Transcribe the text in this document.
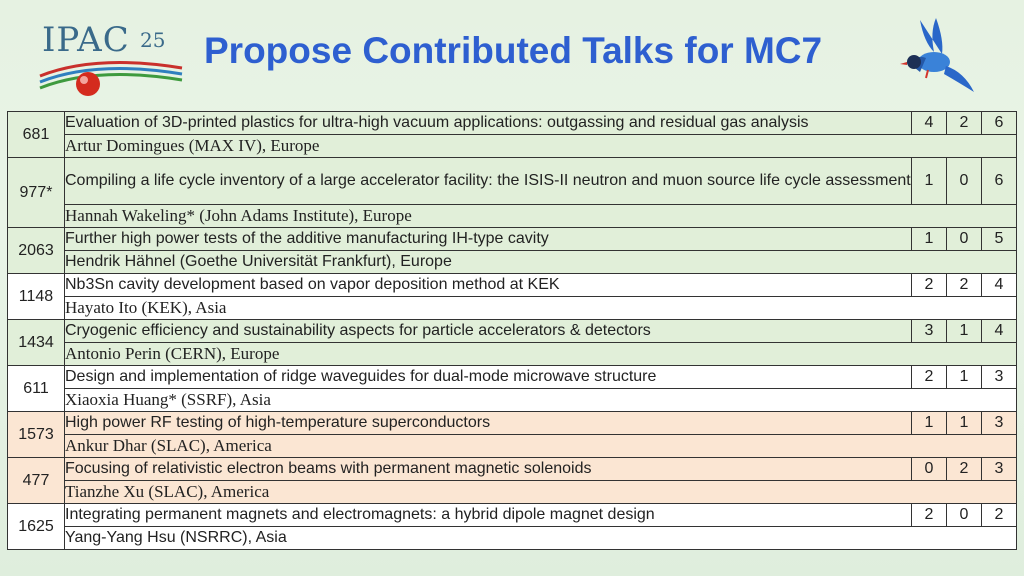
IPAC 25 Propose Contributed Talks for MC7
681	Evaluation of 3D-printed plastics for ultra-high vacuum applications: outgassing and residual gas analysis	4	2	6
	Artur Domingues (MAX IV), Europe			
977*	Compiling a life cycle inventory of a large accelerator facility: the ISIS-II neutron and muon source life cycle assessment	1	0	6
	Hannah Wakeling* (John Adams Institute), Europe			
2063	Further high power tests of the additive manufacturing IH-type cavity	1	0	5
	Hendrik Hähnel (Goethe Universität Frankfurt), Europe			
1148	Nb3Sn cavity development based on vapor deposition method at KEK	2	2	4
	Hayato Ito (KEK), Asia			
1434	Cryogenic efficiency and sustainability aspects for particle accelerators & detectors	3	1	4
	Antonio Perin (CERN), Europe			
611	Design and implementation of ridge waveguides for dual-mode microwave structure	2	1	3
	Xiaoxia Huang* (SSRF), Asia			
1573	High power RF testing of high-temperature superconductors	1	1	3
	Ankur Dhar (SLAC), America			
477	Focusing of relativistic electron beams with permanent magnetic solenoids	0	2	3
	Tianzhe Xu (SLAC), America			
1625	Integrating permanent magnets and electromagnets: a hybrid dipole magnet design	2	0	2
	Yang-Yang Hsu (NSRRC), Asia			
